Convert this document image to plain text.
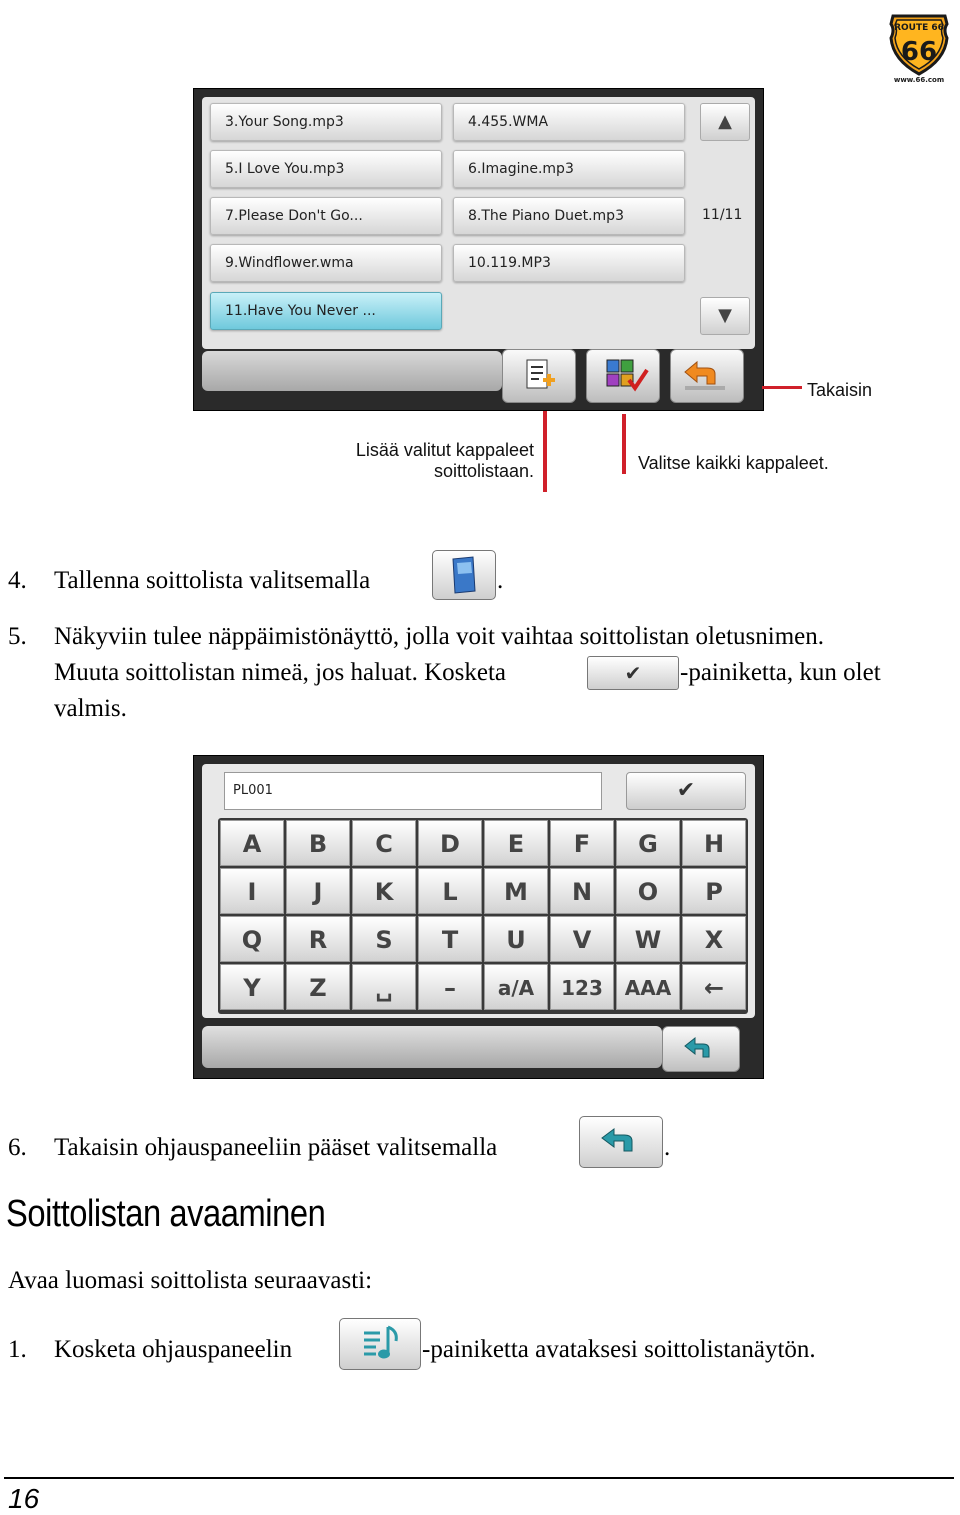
ROUTE 66
66
www.66.com
3.Your Song.mp3	4.455.WMA
5.I Love You.mp3	6.Imagine.mp3
7.Please Don't Go...	8.The Piano Duet.mp3
9.Windflower.wma	10.119.MP3
11.Have You Never ...
▲
11/11
▼
Takaisin
Lisää valitut kappaleet
soittolistaan.	Valitse kaikki kappaleet.
4. Tallenna soittolista valitsemalla	.
5. Näkyviin tulee näppäimistönäyttö, jolla voit vaihtaa soittolistan oletusnimen.
Muuta soittolistan nimeä, jos haluat. Kosketa	✔	-painiketta, kun olet
valmis.
PL001	✔
A	B	C	D	E	F	G	H
I	J	K	L	M	N	O	P
Q	R	S	T	U	V	W	X
Y	Z	␣	–	a/A	123	AAA	←
6. Takaisin ohjauspaneeliin pääset valitsemalla	.
Soittolistan avaaminen
Avaa luomasi soittolista seuraavasti:
1. Kosketa ohjauspaneelin	-painiketta avataksesi soittolistanäytön.
16
